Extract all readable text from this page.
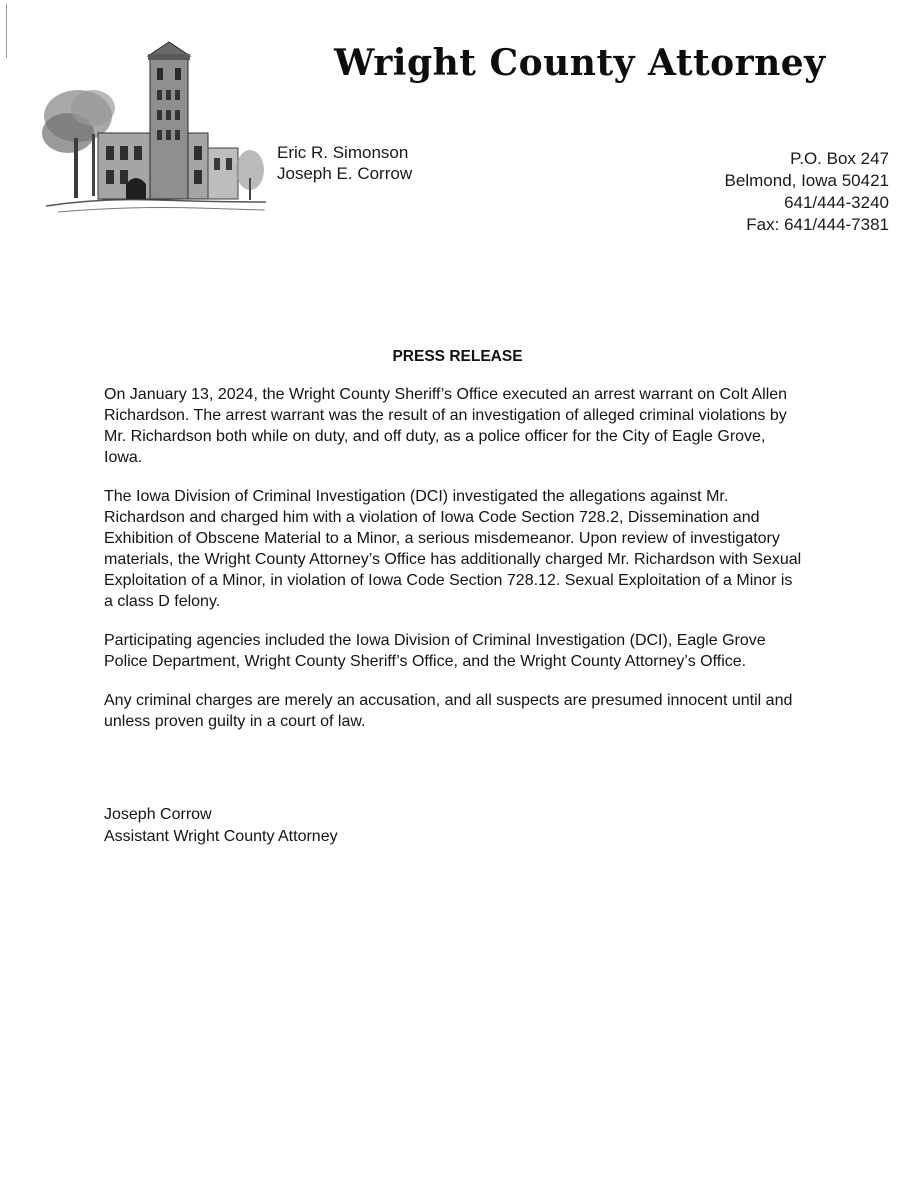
Wright County Attorney
Eric R. Simonson
Joseph E. Corrow
P.O. Box 247
Belmond, Iowa 50421
641/444-3240
Fax: 641/444-7381
PRESS RELEASE

On January 13, 2024, the Wright County Sheriff’s Office executed an arrest warrant on Colt Allen Richardson. The arrest warrant was the result of an investigation of alleged criminal violations by Mr. Richardson both while on duty, and off duty, as a police officer for the City of Eagle Grove, Iowa.

The Iowa Division of Criminal Investigation (DCI) investigated the allegations against Mr. Richardson and charged him with a violation of Iowa Code Section 728.2, Dissemination and Exhibition of Obscene Material to a Minor, a serious misdemeanor. Upon review of investigatory materials, the Wright County Attorney’s Office has additionally charged Mr. Richardson with Sexual Exploitation of a Minor, in violation of Iowa Code Section 728.12. Sexual Exploitation of a Minor is a class D felony.

Participating agencies included the Iowa Division of Criminal Investigation (DCI), Eagle Grove Police Department, Wright County Sheriff’s Office, and the Wright County Attorney’s Office.

Any criminal charges are merely an accusation, and all suspects are presumed innocent until and unless proven guilty in a court of law.

Joseph Corrow
Assistant Wright County Attorney
